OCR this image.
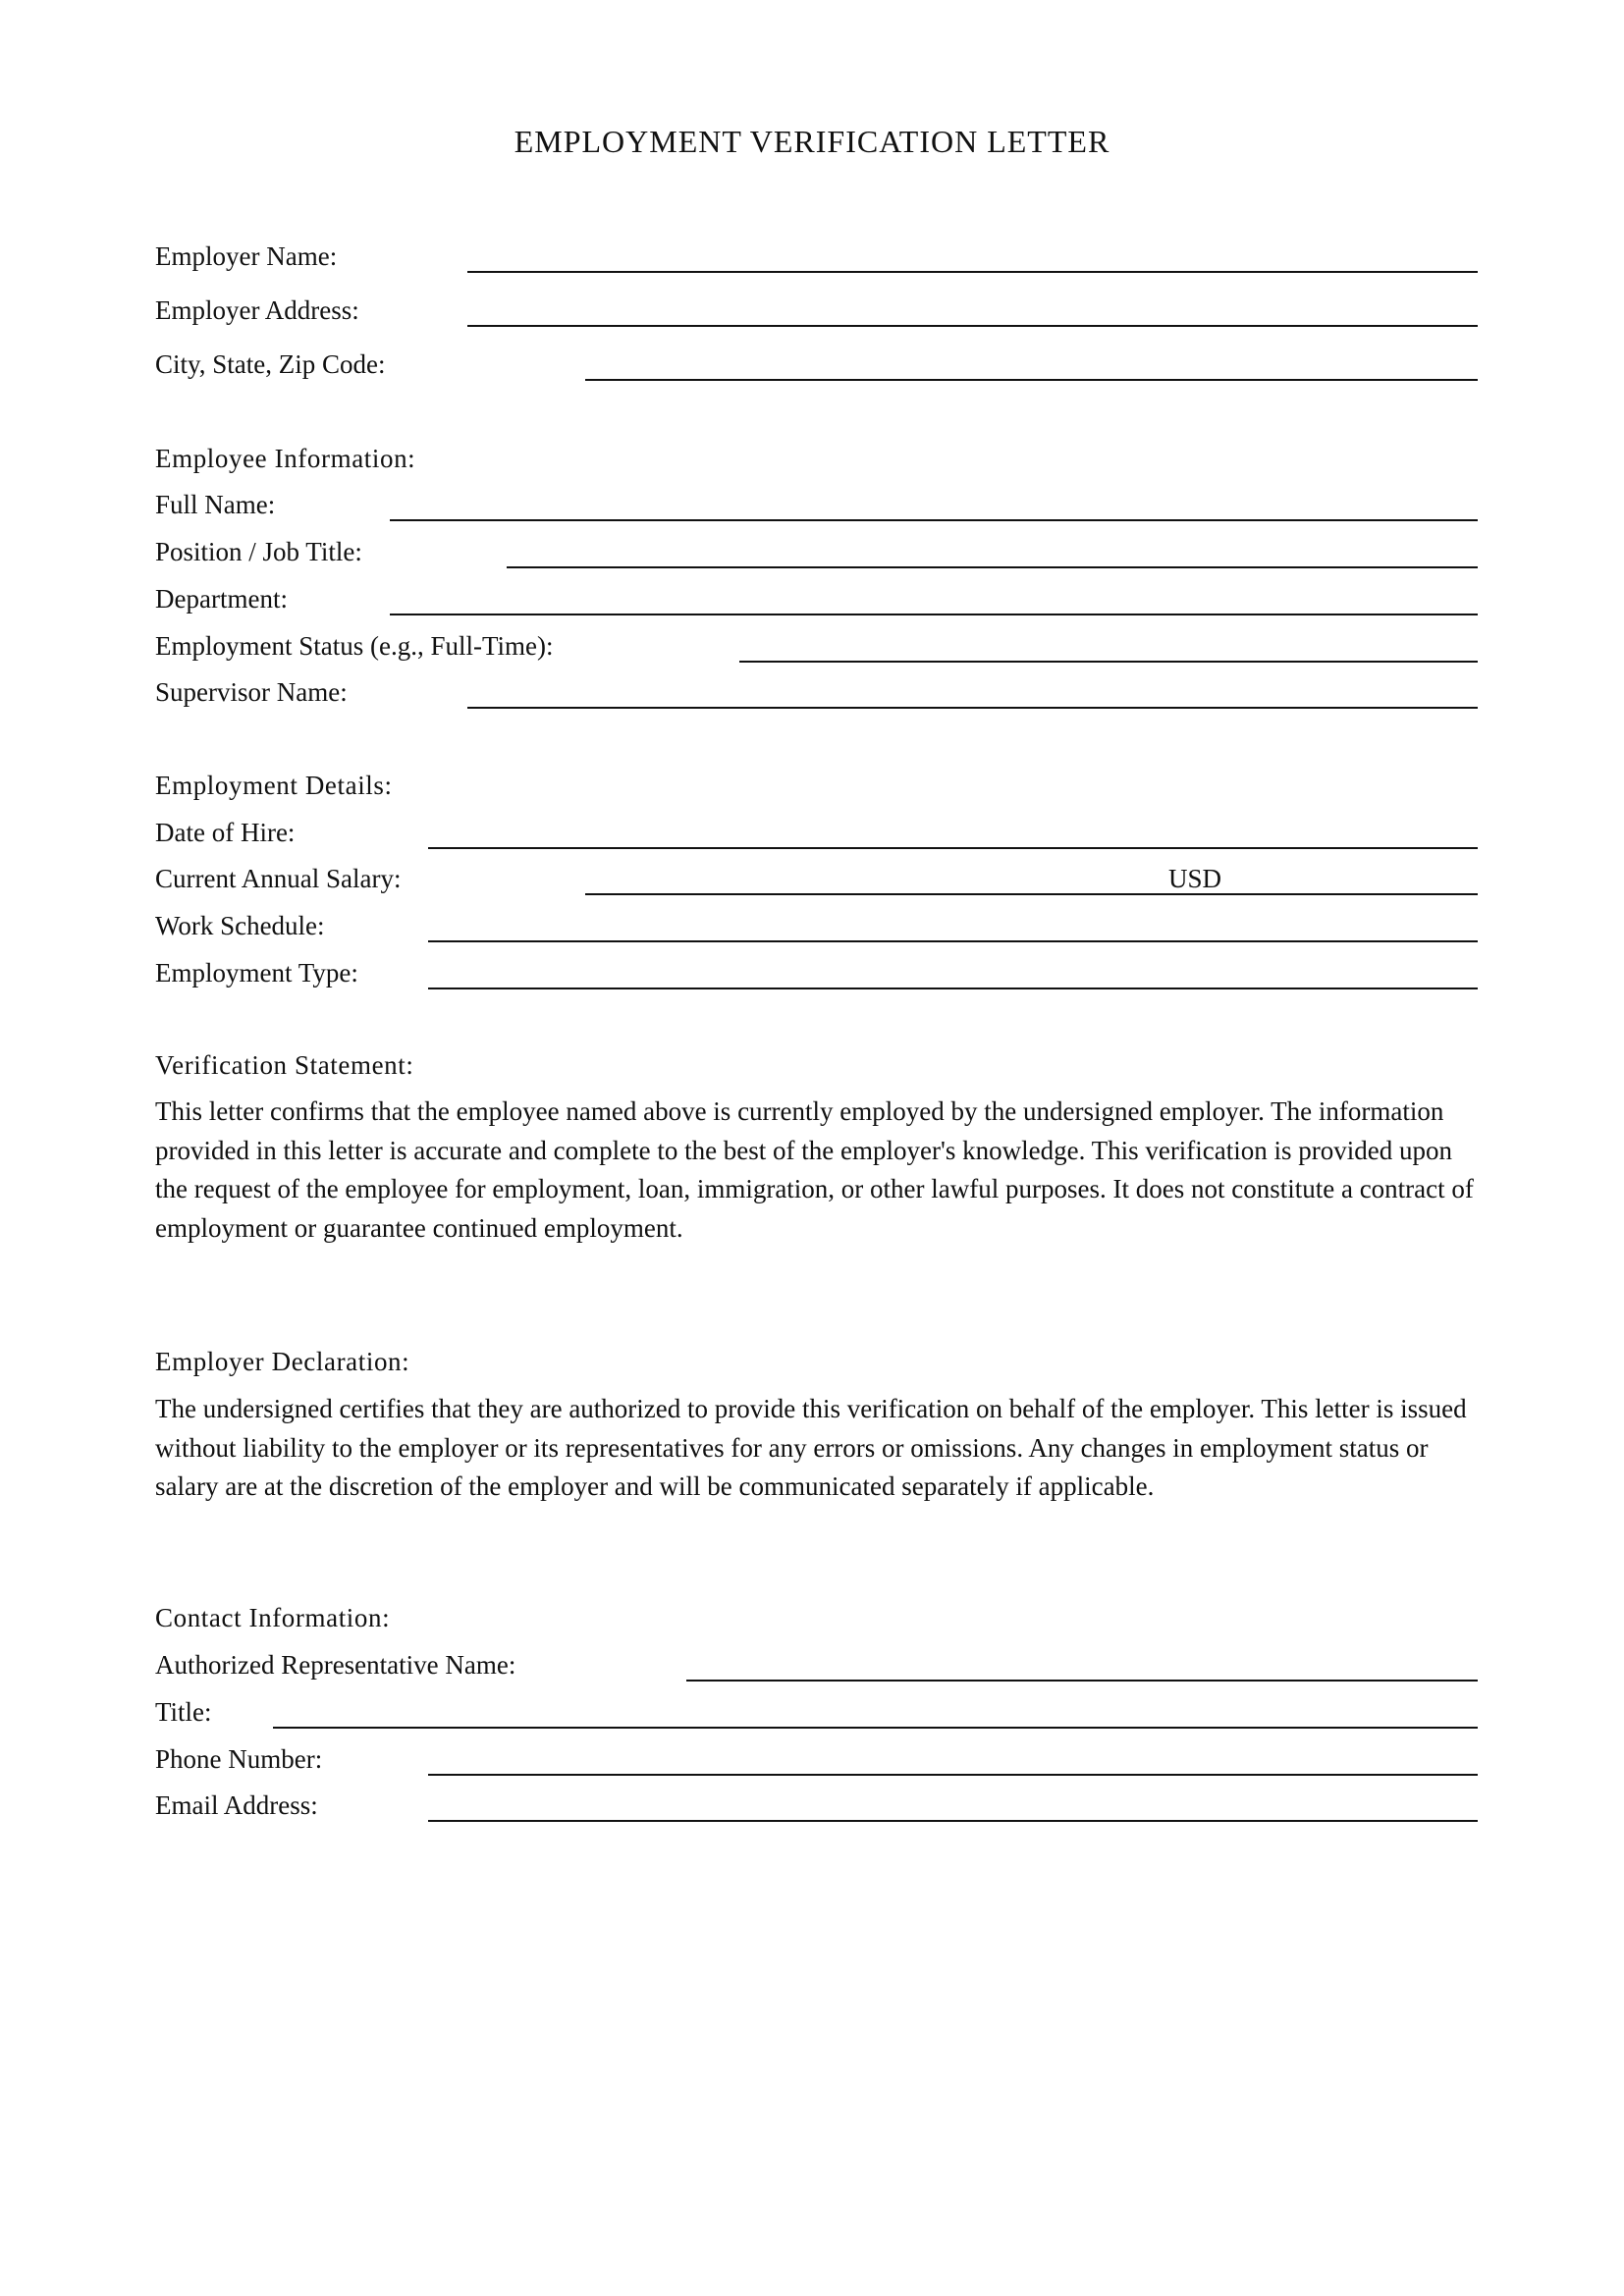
EMPLOYMENT VERIFICATION LETTER
Employer Name:
Employer Address:
City, State, Zip Code:
Employee Information:
Full Name:
Position / Job Title:
Department:
Employment Status (e.g., Full-Time):
Supervisor Name:
Employment Details:
Date of Hire:
Current Annual Salary:	USD
Work Schedule:
Employment Type:
Verification Statement:

This letter confirms that the employee named above is currently employed by the undersigned employer. The information provided in this letter is accurate and complete to the best of the employer's knowledge. This verification is provided upon the request of the employee for employment, loan, immigration, or other lawful purposes. It does not constitute a contract of employment or guarantee continued employment.

Employer Declaration:

The undersigned certifies that they are authorized to provide this verification on behalf of the employer. This letter is issued without liability to the employer or its representatives for any errors or omissions. Any changes in employment status or salary are at the discretion of the employer and will be communicated separately if applicable.

Contact Information:
Authorized Representative Name:
Title:
Phone Number:
Email Address:
